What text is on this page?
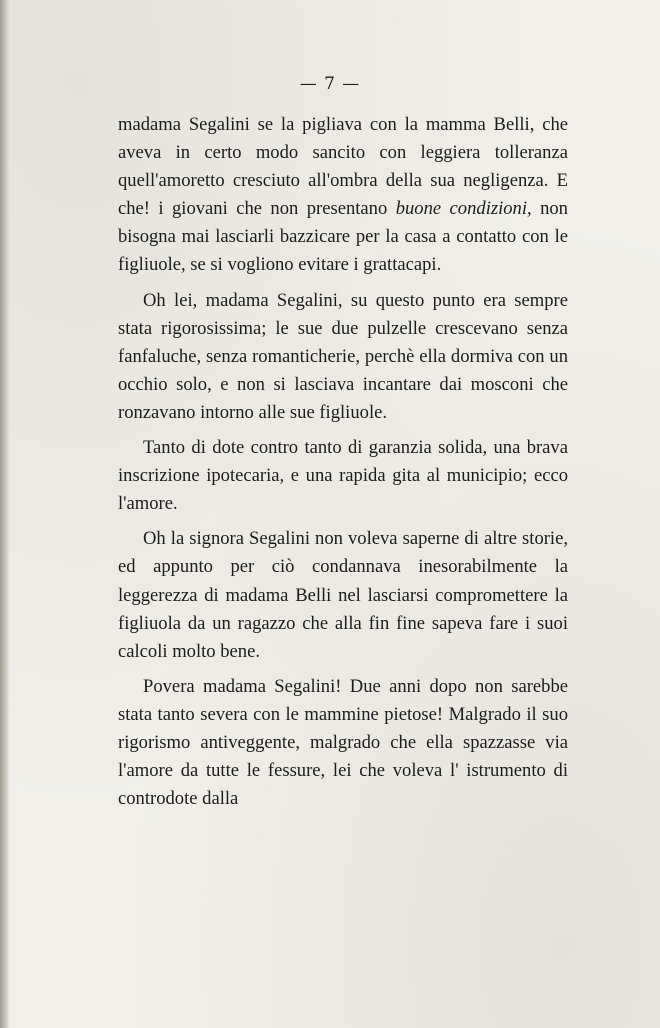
— 7 —

madama Segalini se la pigliava con la mamma Belli, che aveva in certo modo sancito con leggiera tolleranza quell'amoretto cresciuto all'ombra della sua negligenza. E che! i giovani che non presentano buone condizioni, non bisogna mai lasciarli bazzicare per la casa a contatto con le figliuole, se si vogliono evitare i grattacapi.

Oh lei, madama Segalini, su questo punto era sempre stata rigorosissima; le sue due pulzelle crescevano senza fanfaluche, senza romanticherie, perchè ella dormiva con un occhio solo, e non si lasciava incantare dai mosconi che ronzavano intorno alle sue figliuole.

Tanto di dote contro tanto di garanzia solida, una brava inscrizione ipotecaria, e una rapida gita al municipio; ecco l'amore.

Oh la signora Segalini non voleva saperne di altre storie, ed appunto per ciò condannava inesorabilmente la leggerezza di madama Belli nel lasciarsi compromettere la figliuola da un ragazzo che alla fin fine sapeva fare i suoi calcoli molto bene.

Povera madama Segalini! Due anni dopo non sarebbe stata tanto severa con le mammine pietose! Malgrado il suo rigorismo antiveggente, malgrado che ella spazzasse via l'amore da tutte le fessure, lei che voleva l' istrumento di controdote dalla
